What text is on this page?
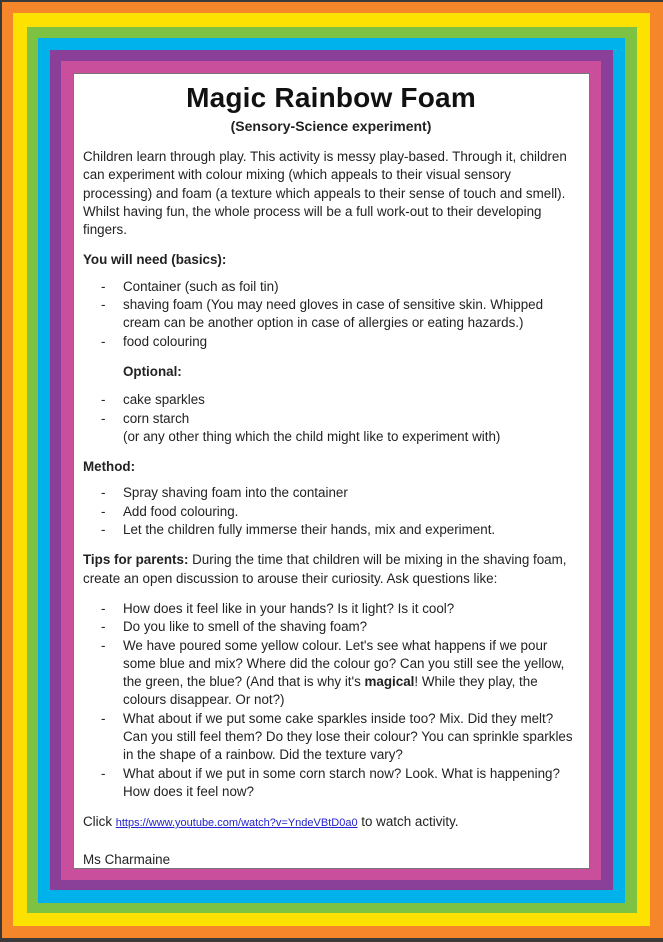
Magic Rainbow Foam
(Sensory-Science experiment)

Children learn through play. This activity is messy play-based. Through it, children can experiment with colour mixing (which appeals to their visual sensory processing) and foam (a texture which appeals to their sense of touch and smell). Whilst having fun, the whole process will be a full work-out to their developing fingers.

You will need (basics):

- Container (such as foil tin)
- shaving foam (You may need gloves in case of sensitive skin. Whipped cream can be another option in case of allergies or eating hazards.)
- food colouring

Optional:

- cake sparkles
- corn starch
(or any other thing which the child might like to experiment with)

Method:

- Spray shaving foam into the container
- Add food colouring.
- Let the children fully immerse their hands, mix and experiment.

Tips for parents: During the time that children will be mixing in the shaving foam, create an open discussion to arouse their curiosity. Ask questions like:

- How does it feel like in your hands? Is it light? Is it cool?
- Do you like to smell of the shaving foam?
- We have poured some yellow colour. Let's see what happens if we pour some blue and mix? Where did the colour go? Can you still see the yellow, the green, the blue? (And that is why it's magical! While they play, the colours disappear. Or not?)
- What about if we put some cake sparkles inside too? Mix. Did they melt? Can you still feel them? Do they lose their colour? You can sprinkle sparkles in the shape of a rainbow. Did the texture vary?
- What about if we put in some corn starch now? Look. What is happening? How does it feel now?

Click https://www.youtube.com/watch?v=YndeVBtD0a0 to watch activity.

Ms Charmaine
